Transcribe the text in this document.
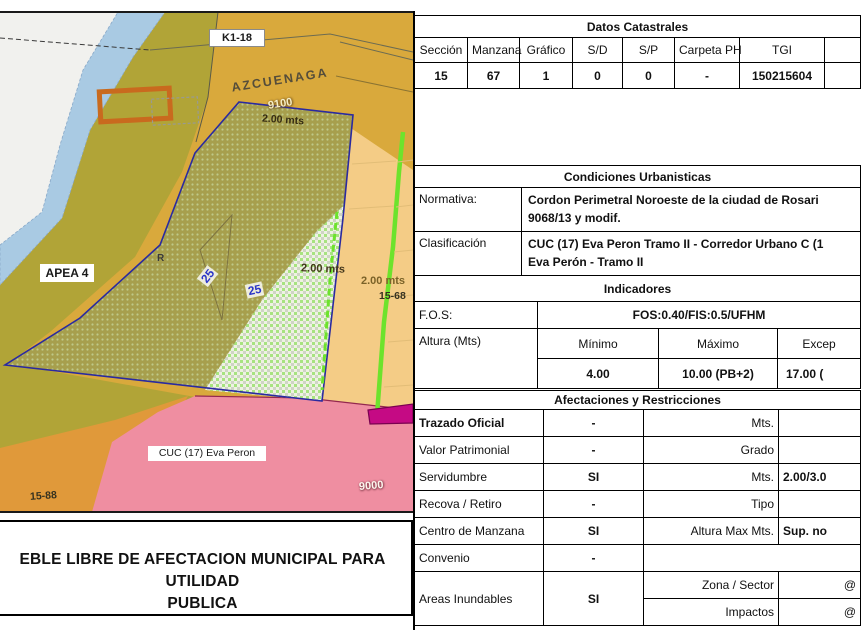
K1-18
AZCUENAGA
9100
2.00 mts
APEA 4
R
25
25
2.00 mts
2.00 mts
15-68
CUC (17) Eva Peron
9000
15-88
EBLE LIBRE DE AFECTACION MUNICIPAL PARA UTILIDAD
PUBLICA
Datos Catastrales							
Sección	Manzana	Gráfico	S/D	S/P	Carpeta PH	TGI	
15	67	1	0	0	-	150215604	
Condiciones Urbanisticas	
Normativa:	Cordon Perimetral Noroeste de la ciudad de Rosari
9068/13 y modif.

Clasificación	CUC (17) Eva Peron Tramo II - Corredor Urbano C (1
Eva Perón - Tramo II
Indicadores			
F.O.S:	FOS:0.40/FIS:0.5/UFHM		
Altura (Mts)	Mínimo	Máximo	Excep
	4.00	10.00 (PB+2)	17.00 (
Afectaciones y Restricciones			
Trazado Oficial	-	Mts.	
Valor Patrimonial	-	Grado	
Servidumbre	SI	Mts.	2.00/3.0
Recova / Retiro	-	Tipo	
Centro de Manzana	SI	Altura Max Mts.	Sup. no
Convenio	-		
Areas Inundables	SI	Zona / Sector	@
		Impactos	@
